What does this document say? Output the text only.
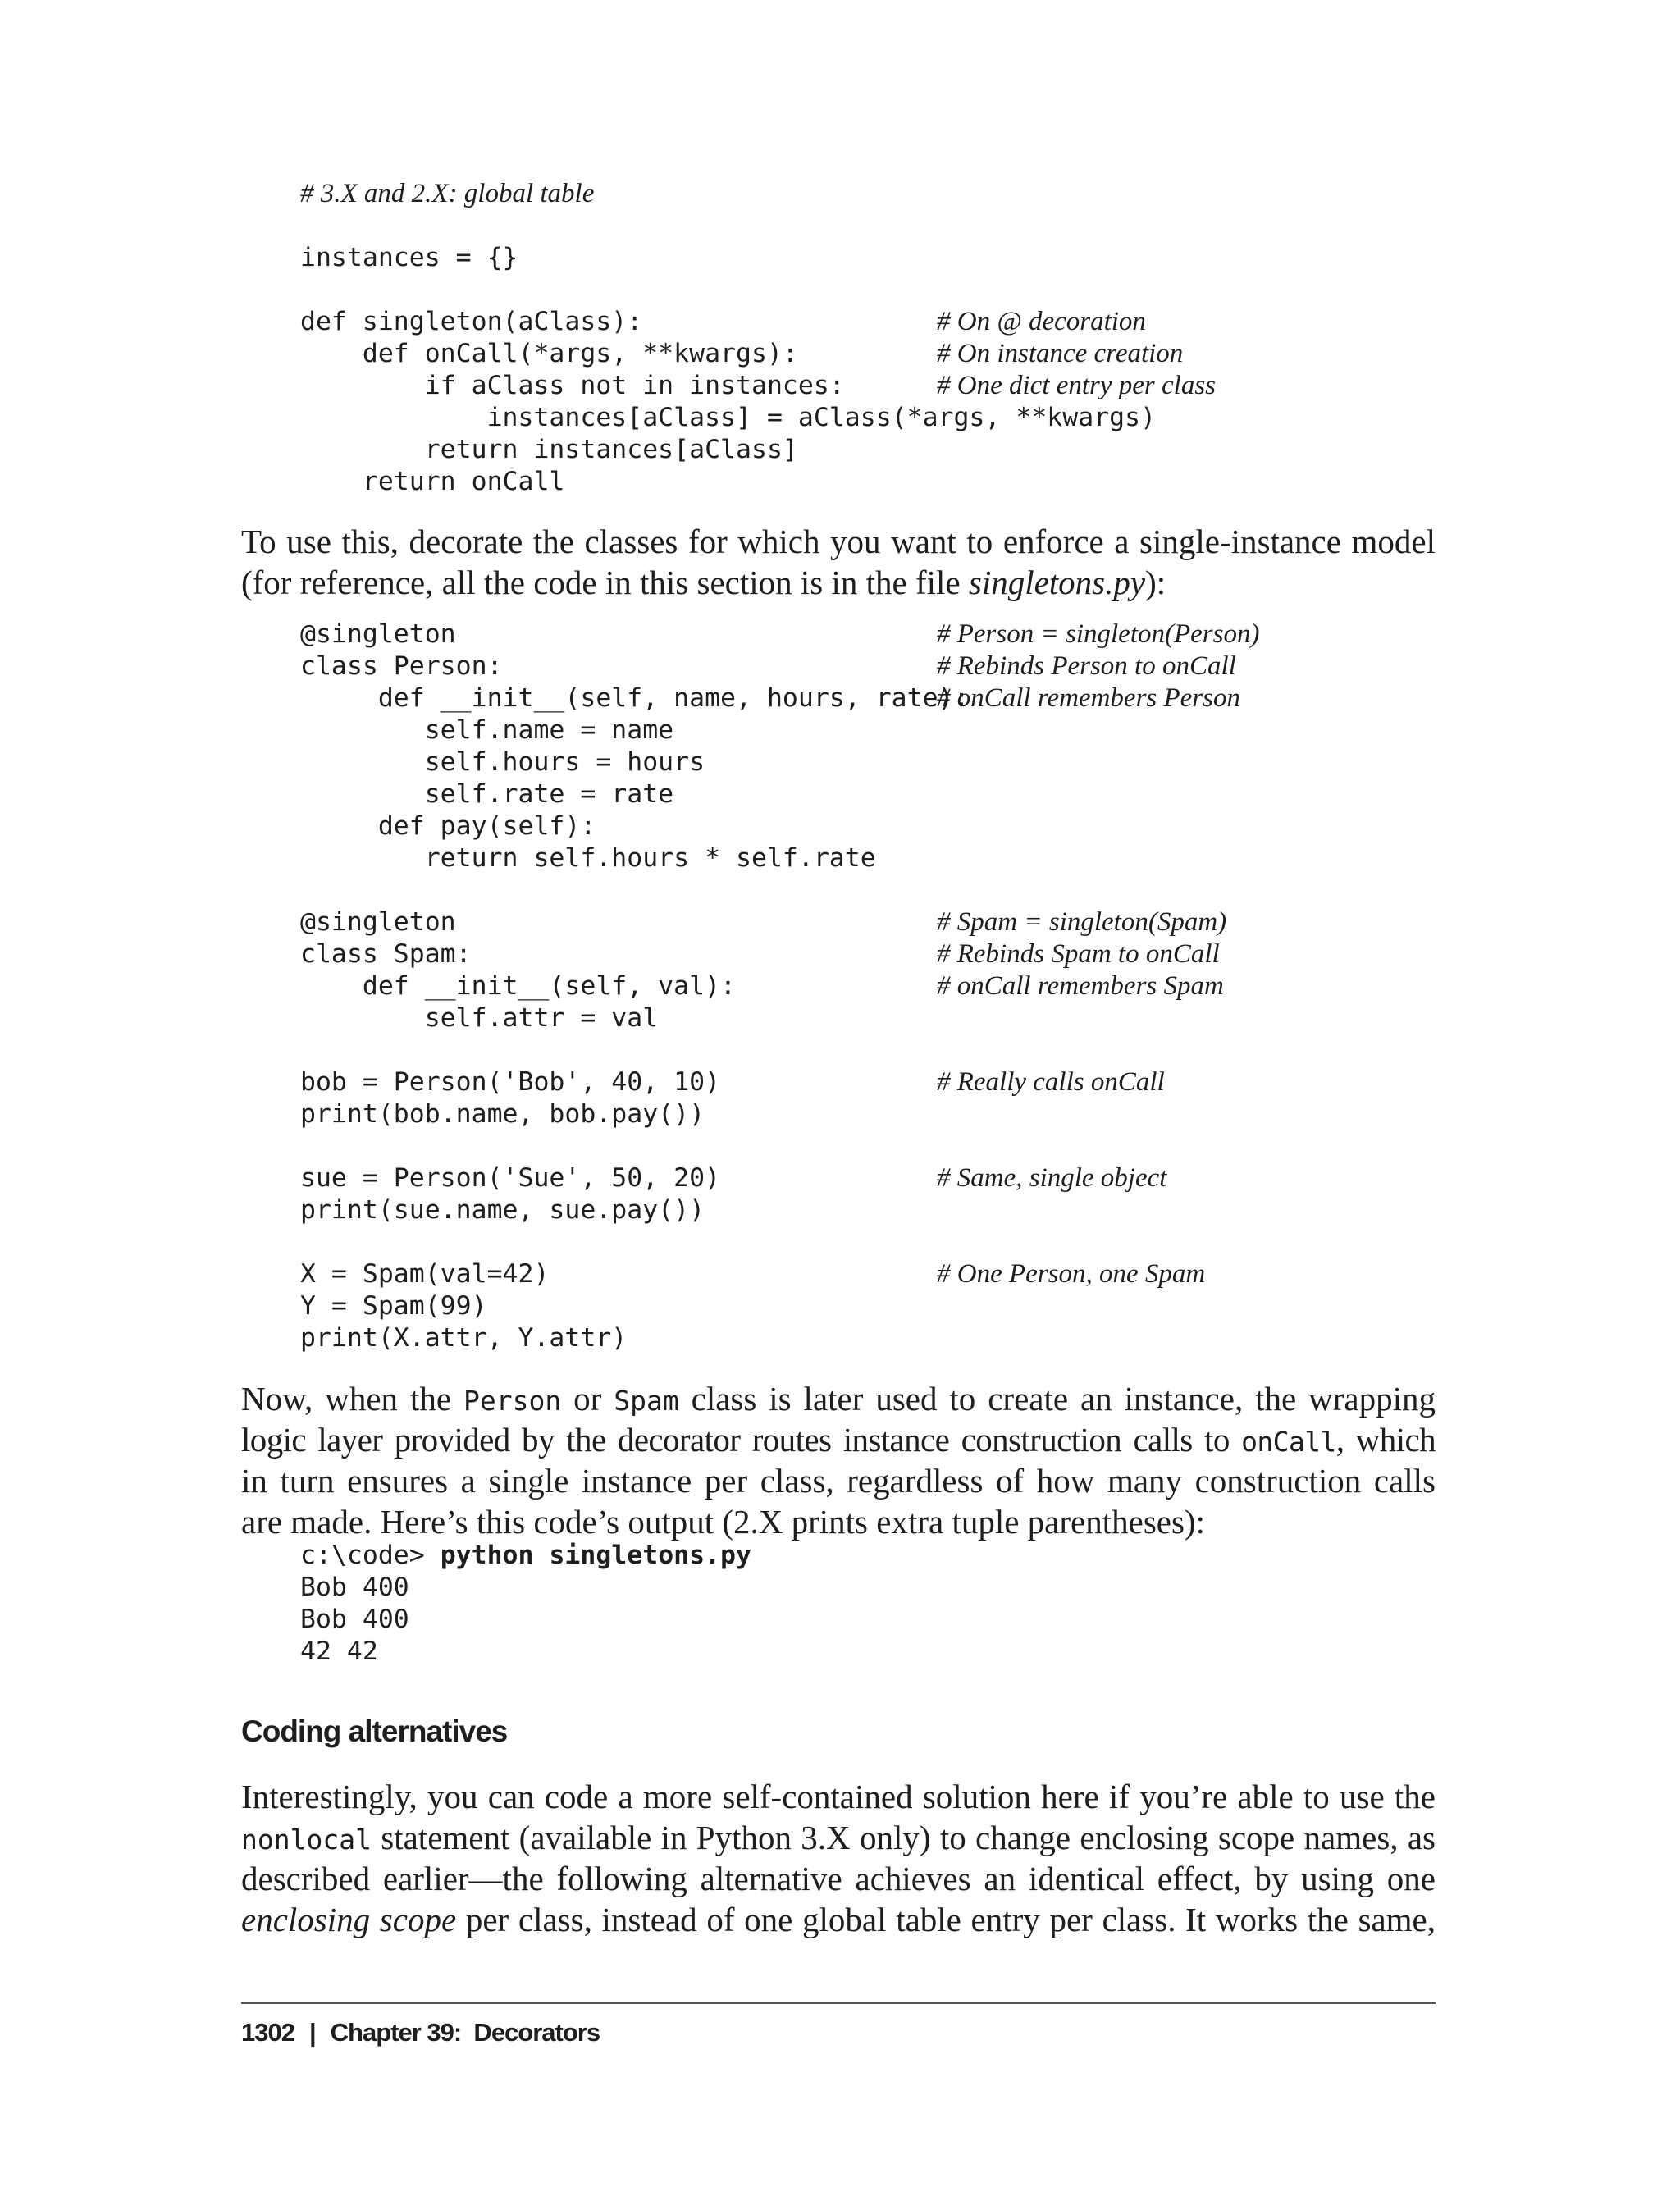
# 3.X and 2.X: global table
instances = {}
def singleton(aClass):	# On @ decoration
def onCall(*args, **kwargs):	# On instance creation
if aClass not in instances:	# One dict entry per class
instances[aClass] = aClass(*args, **kwargs)
return instances[aClass]
return onCall
To use this, decorate the classes for which you want to enforce a single-instance model
(for reference, all the code in this section is in the file singletons.py):
@singleton	# Person = singleton(Person)
class Person:	# Rebinds Person to onCall
def __init__(self, name, hours, rate):
# onCall remembers Person
self.name = name
self.hours = hours
self.rate = rate
def pay(self):
return self.hours * self.rate
@singleton	# Spam = singleton(Spam)
class Spam:	# Rebinds Spam to onCall
def __init__(self, val):	# onCall remembers Spam
self.attr = val
bob = Person('Bob', 40, 10)	# Really calls onCall
print(bob.name, bob.pay())
sue = Person('Sue', 50, 20)	# Same, single object
print(sue.name, sue.pay())
X = Spam(val=42)	# One Person, one Spam
Y = Spam(99)
print(X.attr, Y.attr)
Now, when the Person or Spam class is later used to create an instance, the wrapping
logic layer provided by the decorator routes instance construction calls to onCall, which
in turn ensures a single instance per class, regardless of how many construction calls
are made. Here’s this code’s output (2.X prints extra tuple parentheses):
c:\code> python singletons.py
Bob 400
Bob 400
42 42
Coding alternatives
Interestingly, you can code a more self-contained solution here if you’re able to use the
nonlocal statement (available in Python 3.X only) to change enclosing scope names, as
described earlier—the following alternative achieves an identical effect, by using one
enclosing scope per class, instead of one global table entry per class. It works the same,
1302 | Chapter 39:  Decorators
